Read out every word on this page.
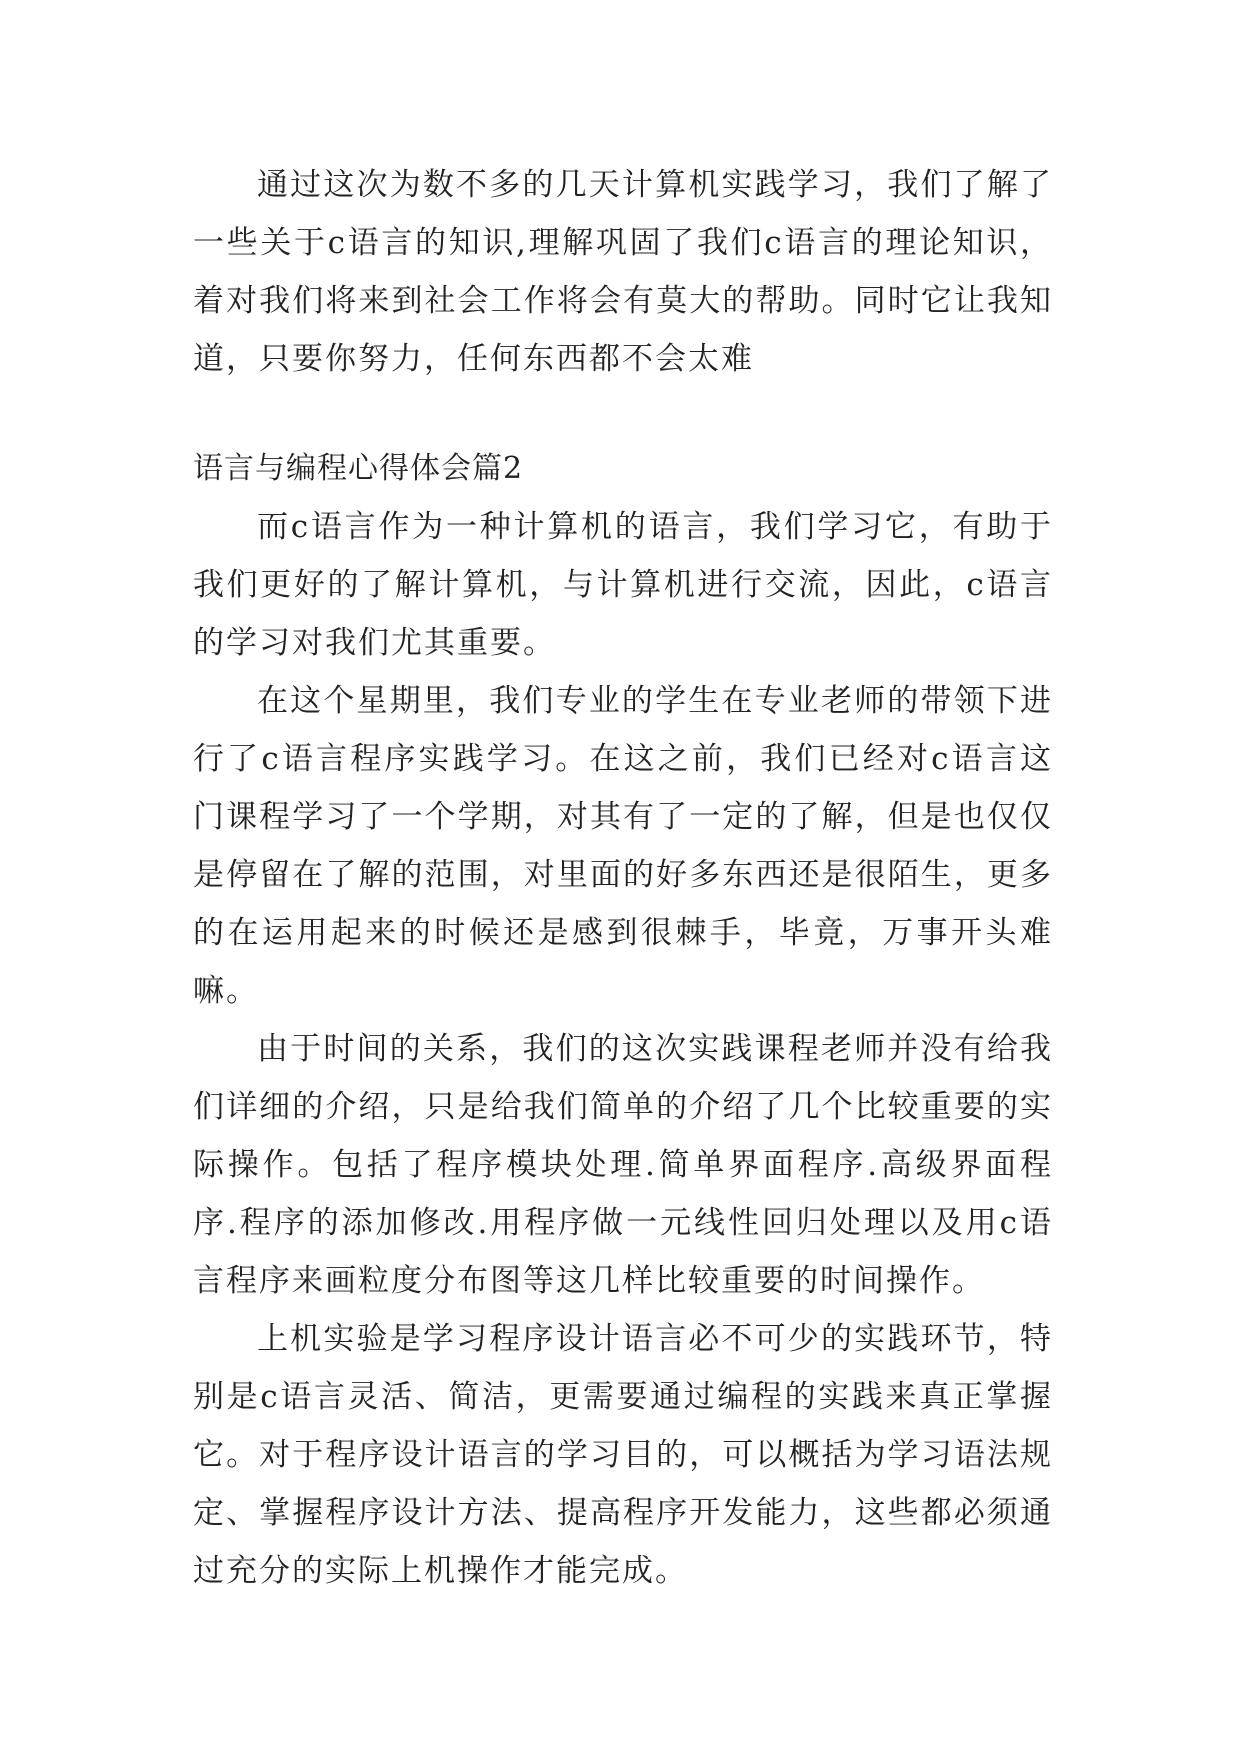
通过这次为数不多的几天计算机实践学习，我们了解了一些关于c语言的知识,理解巩固了我们c语言的理论知识，着对我们将来到社会工作将会有莫大的帮助。同时它让我知道，只要你努力，任何东西都不会太难

语言与编程心得体会篇2

而c语言作为一种计算机的语言，我们学习它，有助于我们更好的了解计算机，与计算机进行交流，因此，c语言的学习对我们尤其重要。

在这个星期里，我们专业的学生在专业老师的带领下进行了c语言程序实践学习。在这之前，我们已经对c语言这门课程学习了一个学期，对其有了一定的了解，但是也仅仅是停留在了解的范围，对里面的好多东西还是很陌生，更多的在运用起来的时候还是感到很棘手，毕竟，万事开头难嘛。

由于时间的关系，我们的这次实践课程老师并没有给我们详细的介绍，只是给我们简单的介绍了几个比较重要的实际操作。包括了程序模块处理.简单界面程序.高级界面程序.程序的添加修改.用程序做一元线性回归处理以及用c语言程序来画粒度分布图等这几样比较重要的时间操作。

上机实验是学习程序设计语言必不可少的实践环节，特别是c语言灵活、简洁，更需要通过编程的实践来真正掌握它。对于程序设计语言的学习目的，可以概括为学习语法规定、掌握程序设计方法、提高程序开发能力，这些都必须通过充分的实际上机操作才能完成。
